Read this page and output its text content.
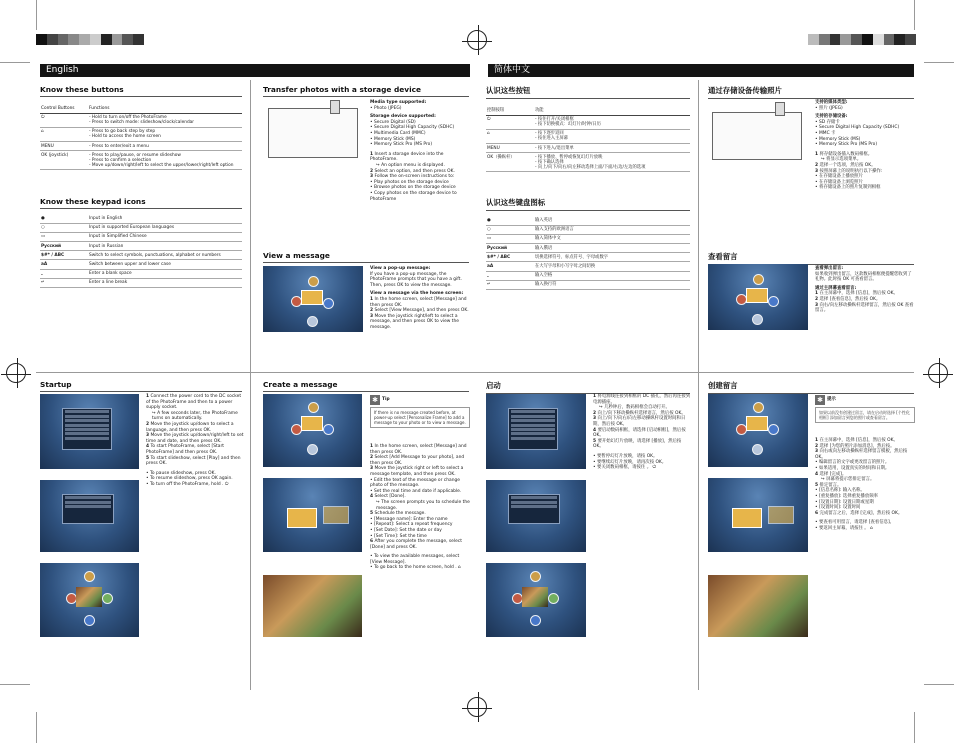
English
Know these buttons
Control Buttons	Functions
⏻	- Hold to turn on/off the PhotoFrame
- Press to switch mode: slideshow/clock/calendar

⌂	- Press to go back step by step
- Hold to access the home screen

MENU	- Press to enter/exit a menu

OK (joystick)	- Press to play/pause, or resume slideshow
- Press to confirm a selection
- Move up/down/right/left to select the upper/lower/right/left option
Know these keypad icons
●	Input in English
○	Input in supported European languages
▭	Input in Simplified Chinese
Русский	Input in Russian
$#* / ABC	Switch to select symbols, punctuations, alphabet or numbers
aA	Switch between upper and lower case
⎵	Enter a blank space
↵	Enter a line break
Transfer photos with a storage device
Media type supported:
• Photo (JPEG)
Storage device supported:
• Secure Digital (SD)
• Secure Digital High Capacity (SDHC)
• Multimedia Card (MMC)
• Memory Stick (MS)
• Memory Stick Pro (MS Pro)
1 Insert a storage device into the PhotoFrame.
↪ An option menu is displayed.
2 Select an option, and then press OK.
3 Follow the on-screen instructions to:
• Play photos on the storage device
• Browse photos on the storage device
• Copy photos on the storage device to PhotoFrame
View a message
View a pop-up message:
If you have a pop-up message, the PhotoFrame prompts that you have a gift. Then, press OK to view the message.
View a message via the home screen:
1 In the home screen, select [Message] and then press OK.
2 Select [View Message], and then press OK.
3 Move the joystick right/left to select a message, and then press OK to view the message.
Startup
1 Connect the power cord to the DC socket of the PhotoFrame and then to a power supply socket.
↪ A few seconds later, the PhotoFrame turns on automatically.
2 Move the joystick up/down to select a language, and then press OK.
3 Move the joystick up/down/right/left to set time and date, and then press OK.
4 To start PhotoFrame, select [Start PhotoFrame] and then press OK.
5 To start slideshow, select [Play] and then press OK.
• To pause slideshow, press OK.
• To resume slideshow, press OK again.
• To turn off the PhotoFrame, hold . ⏻
Create a message
✱ Tip
If there is no message created before, at power-up select [Personalize Frame] to add a message to your photo or to view a message.
1 In the home screen, select [Message] and then press OK.
2 Select [Add Message to your photo], and then press OK.
3 Move the joystick right or left to select a message template, and then press OK.
• Edit the text of the message or change photo of the message.
• Set the real time and date if applicable.
4 Select [Done].
↪ The screen prompts you to schedule the message.
5 Schedule the message.
• [Message name]: Enter the name
• [Repeat]: Select a repeat frequency
• [Set Date]: Set the date or day
• [Set Time]: Set the time
6 After you complete the message, select [Done] and press OK.
• To view the available messages, select [View Message].
• To go back to the home screen, hold . ⌂
简体中文
认识这些按钮
控制按钮	功能
⏻	- 按住打开/关闭相框
- 按下切换模式：幻灯片/时钟/日历

⌂	- 按下逐步返回
- 按住进入主屏幕

MENU	- 按下进入/退出菜单

OK（操纵杆）	- 按下播放、暂停或恢复幻灯片放映
- 按下确认选择
- 向上/向下/向右/向左移动选择上面/下面/右边/左边的选项
认识这些键盘图标
●	输入英语
○	输入支持的欧洲语言
▭	输入简体中文
Русский	输入俄语
$#* / ABC	切换选择符号、标点符号、字母或数字
aA	在大写字母和小写字母之间切换
⎵	输入空格
↵	输入换行符
通过存储设备传输照片
支持的媒体类型:
• 照片 (JPEG)
支持的存储设备:
• SD 存储卡
• Secure Digital High Capacity (SDHC)
• MMC 卡
• Memory Stick (MS)
• Memory Stick Pro (MS Pro)
1 将存储设备插入数码相框。
↪ 将显示选项菜单。
2 选择一个选项，然后按 OK。
3 按照屏幕上的说明执行以下操作:
• 在存储设备上播放照片
• 在存储设备上浏览照片
• 将存储设备上的照片复制到相框
查看留言
查看弹出留言:
如果收到弹出留言，这款数码相框便提醒您收到了礼物。此时按 OK 可查看留言。
通过主屏幕查看留言:
1 在主屏幕中，选择 [信息]，然后按 OK。
2 选择 [查看信息]，然后按 OK。
3 向右/向左移动操纵杆选择留言，然后按 OK 查看留言。
启动
1 将电源线连接到相框的 DC 插孔，然后再连接到电源插座。
↪ 几秒钟后，数码相框会自动打开。
2 向上/向下移动操纵杆选择语言，然后按 OK。
3 向上/向下/向右/向左移动操纵杆设置时间和日期，然后按 OK。
4 要启动数码相框，请选择 [启动相框]，然后按 OK。
5 要开始幻灯片放映，请选择 [播放]，然后按 OK。
• 要暂停幻灯片放映，请按 OK。
• 要继续幻灯片放映，请再次按 OK。
• 要关闭数码相框，请按住 。 ⏻
创建留言
✱ 提示
如果以前没有创建过留言，请在启动时选择 [个性化相框] 添加留言到您的照片或查看留言。
1 在主屏幕中，选择 [信息]，然后按 OK。
2 选择 [为您的照片添加消息]，然后按。
3 向右或向左移动操纵杆选择留言模板，然后按 OK。
• 编辑留言的文字或更改留言的照片。
• 如果适用，设置真实的时间和日期。
4 选择 [完成]。
↪ 屏幕将提示您排定留言。
5 排定留言。
• [信息名称]: 输入名称。
• [重复播放]: 选择重复播放频率
• [设置日期]: 设置日期或星期
• [设置时间]: 设置时间
6 完成留言之后，选择 [完成]，然后按 OK。
• 要查看可用留言，请选择 [查看信息]。
• 要返回主屏幕，请按住 。 ⌂
